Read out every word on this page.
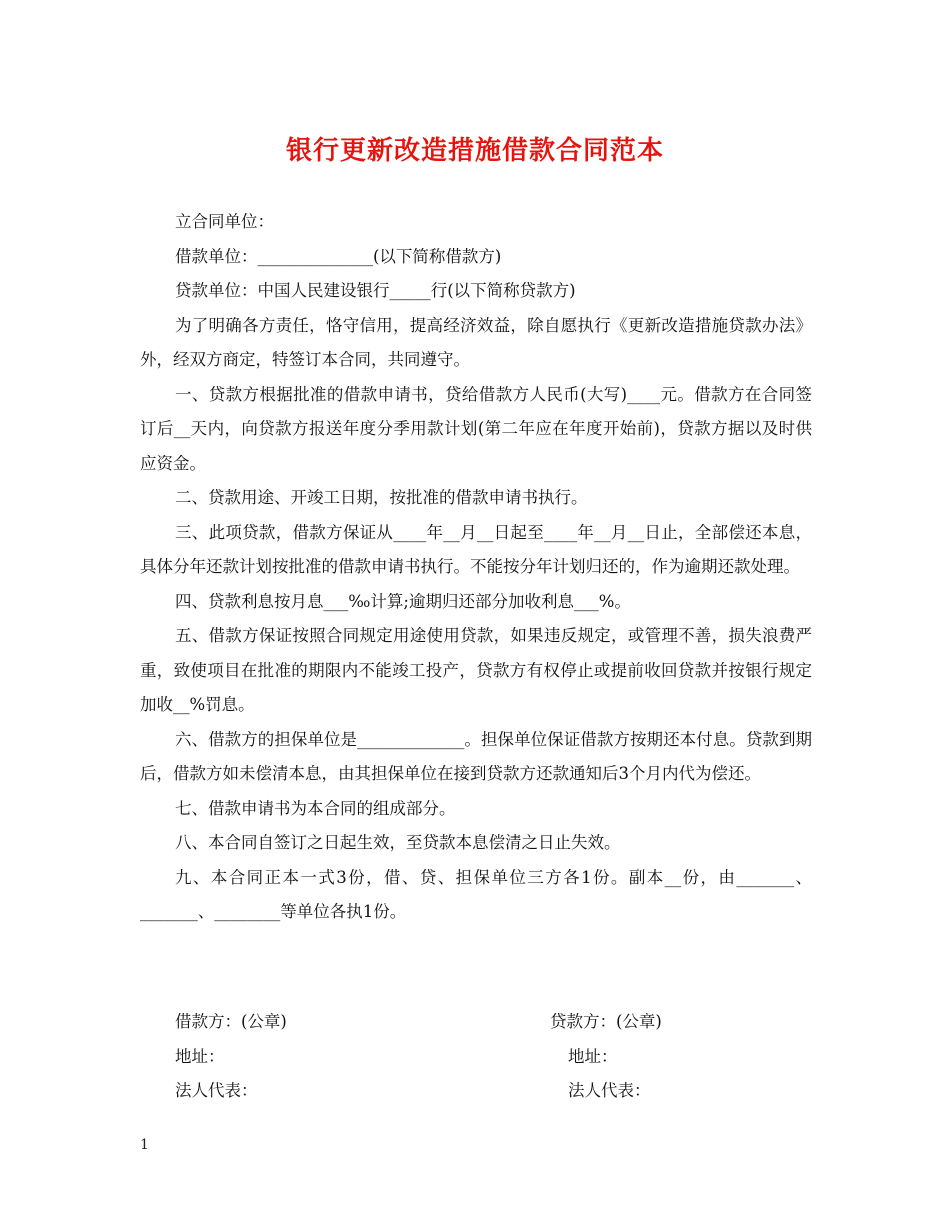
银行更新改造措施借款合同范本

立合同单位：

借款单位：______________(以下简称借款方)

贷款单位：中国人民建设银行_____行(以下简称贷款方)

为了明确各方责任，恪守信用，提高经济效益，除自愿执行《更新改造措施贷款办法》外，经双方商定，特签订本合同，共同遵守。

一、贷款方根据批准的借款申请书，贷给借款方人民币(大写)____元。借款方在合同签订后__天内，向贷款方报送年度分季用款计划(第二年应在年度开始前)，贷款方据以及时供应资金。

二、贷款用途、开竣工日期，按批准的借款申请书执行。

三、此项贷款，借款方保证从____年__月__日起至____年__月__日止，全部偿还本息，具体分年还款计划按批准的借款申请书执行。不能按分年计划归还的，作为逾期还款处理。

四、贷款利息按月息___‰计算;逾期归还部分加收利息___%。

五、借款方保证按照合同规定用途使用贷款，如果违反规定，或管理不善，损失浪费严重，致使项目在批准的期限内不能竣工投产，贷款方有权停止或提前收回贷款并按银行规定加收__%罚息。

六、借款方的担保单位是_____________。担保单位保证借款方按期还本付息。贷款到期后，借款方如未偿清本息，由其担保单位在接到贷款方还款通知后3个月内代为偿还。

七、借款申请书为本合同的组成部分。

八、本合同自签订之日起生效，至贷款本息偿清之日止失效。

九、本合同正本一式3份，借、贷、担保单位三方各1份。副本__份，由_______、_______、________等单位各执1份。

借款方：(公章)	贷款方：(公章)
地址：	地址：
法人代表：	法人代表：
1
